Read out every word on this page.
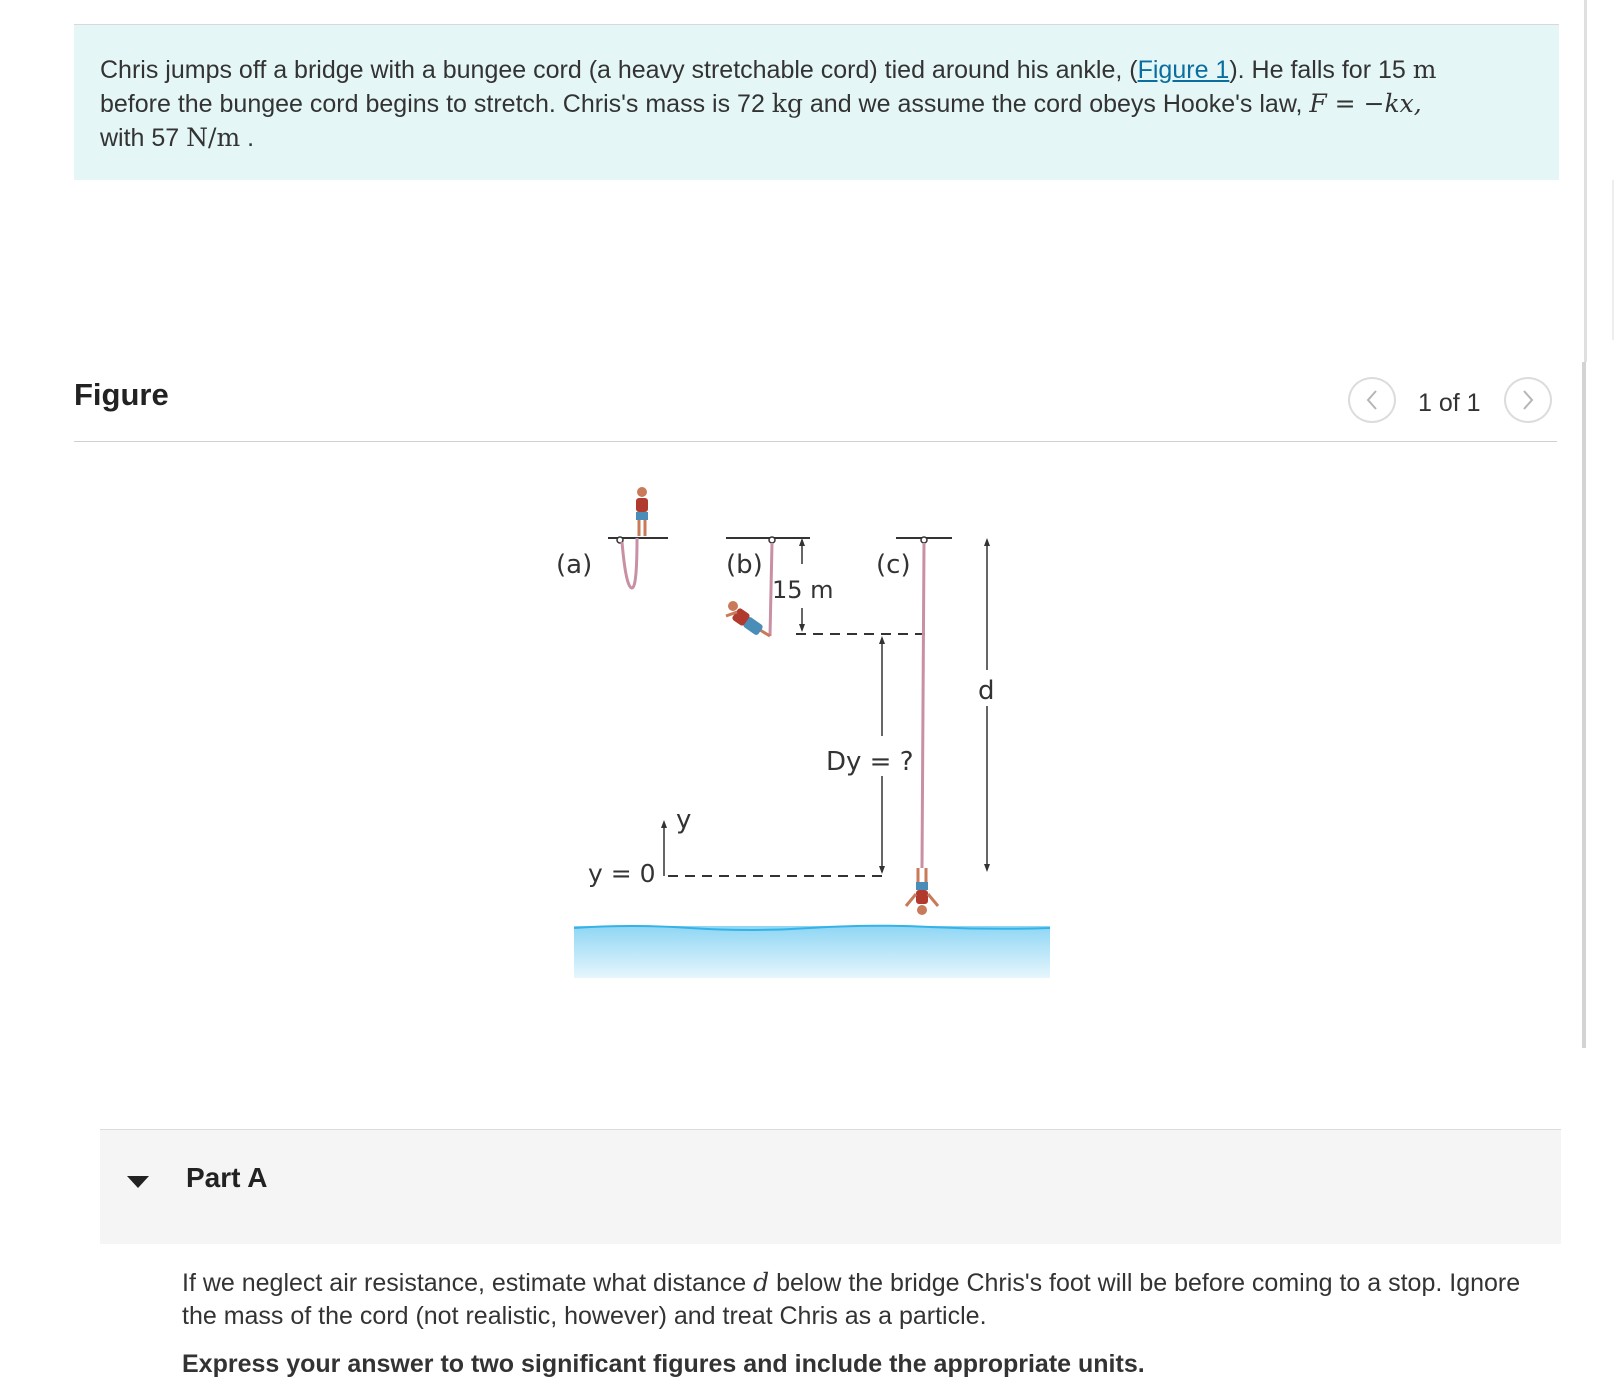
Chris jumps off a bridge with a bungee cord (a heavy stretchable cord) tied around his ankle, (Figure 1). He falls for 15 m
before the bungee cord begins to stretch. Chris's mass is 72 kg and we assume the cord obeys Hooke's law, F = −kx,
with 57 N/m .
Figure	1 of 1
(a)	(b)
15 m
(c)
Dy = ?
d
y
y = 0
Part A
If we neglect air resistance, estimate what distance d below the bridge Chris's foot will be before coming to a stop. Ignore the mass of the cord (not realistic, however) and treat Chris as a particle.
Express your answer to two significant figures and include the appropriate units.
